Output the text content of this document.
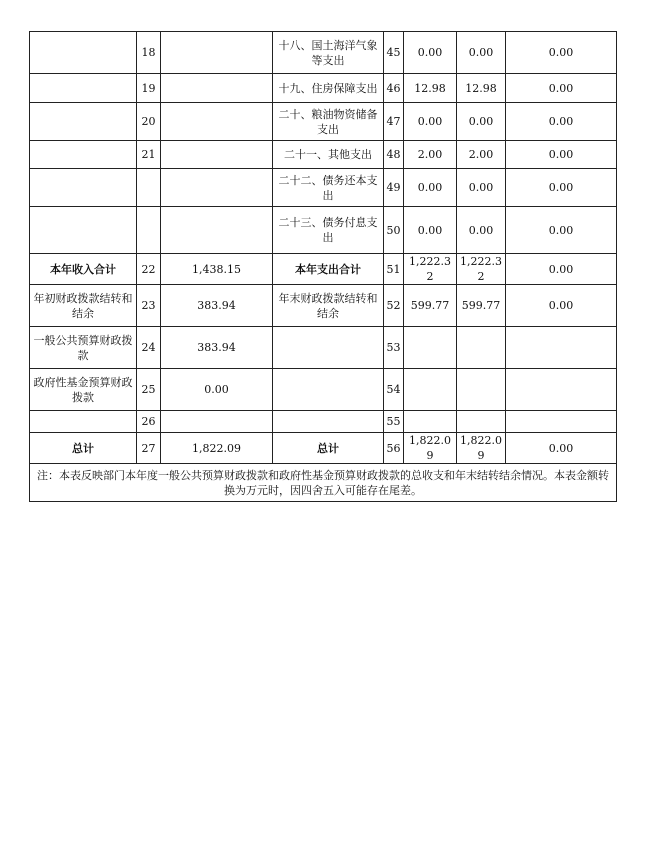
	18		十八、国土海洋气象等支出	45	0.00	0.00	0.00
	19		十九、住房保障支出	46	12.98	12.98	0.00
	20		二十、粮油物资储备支出	47	0.00	0.00	0.00
	21		二十一、其他支出	48	2.00	2.00	0.00
			二十二、债务还本支出	49	0.00	0.00	0.00
			二十三、债务付息支出	50	0.00	0.00	0.00
本年收入合计	22	1,438.15	本年支出合计	51	1,222.32	1,222.32	0.00
年初财政拨款结转和结余	23	383.94	年末财政拨款结转和结余	52	599.77	599.77	0.00
一般公共预算财政拨款	24	383.94		53			
政府性基金预算财政拨款	25	0.00		54			
	26			55			
总计	27	1,822.09	总计	56	1,822.09	1,822.09	0.00
注：本表反映部门本年度一般公共预算财政拨款和政府性基金预算财政拨款的总收支和年末结转结余情况。本表金额转换为万元时，因四舍五入可能存在尾差。							
